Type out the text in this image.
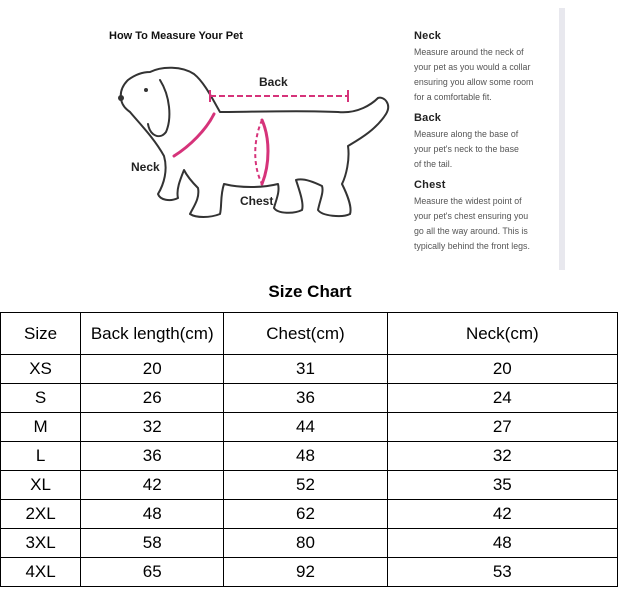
How To Measure Your Pet
Back
Neck
Chest

Neck

Measure around the neck of
your pet as you would a collar
ensuring you allow some room
for a comfortable fit.

Back

Measure along the base of
your pet's neck to the base
of the tail.

Chest

Measure the widest point of
your pet's chest ensuring you
go all the way around. This is
typically behind the front legs.

Size Chart
Size	Back length(cm)	Chest(cm)	Neck(cm)
XS	20	31	20
S	26	36	24
M	32	44	27
L	36	48	32
XL	42	52	35
2XL	48	62	42
3XL	58	80	48
4XL	65	92	53
